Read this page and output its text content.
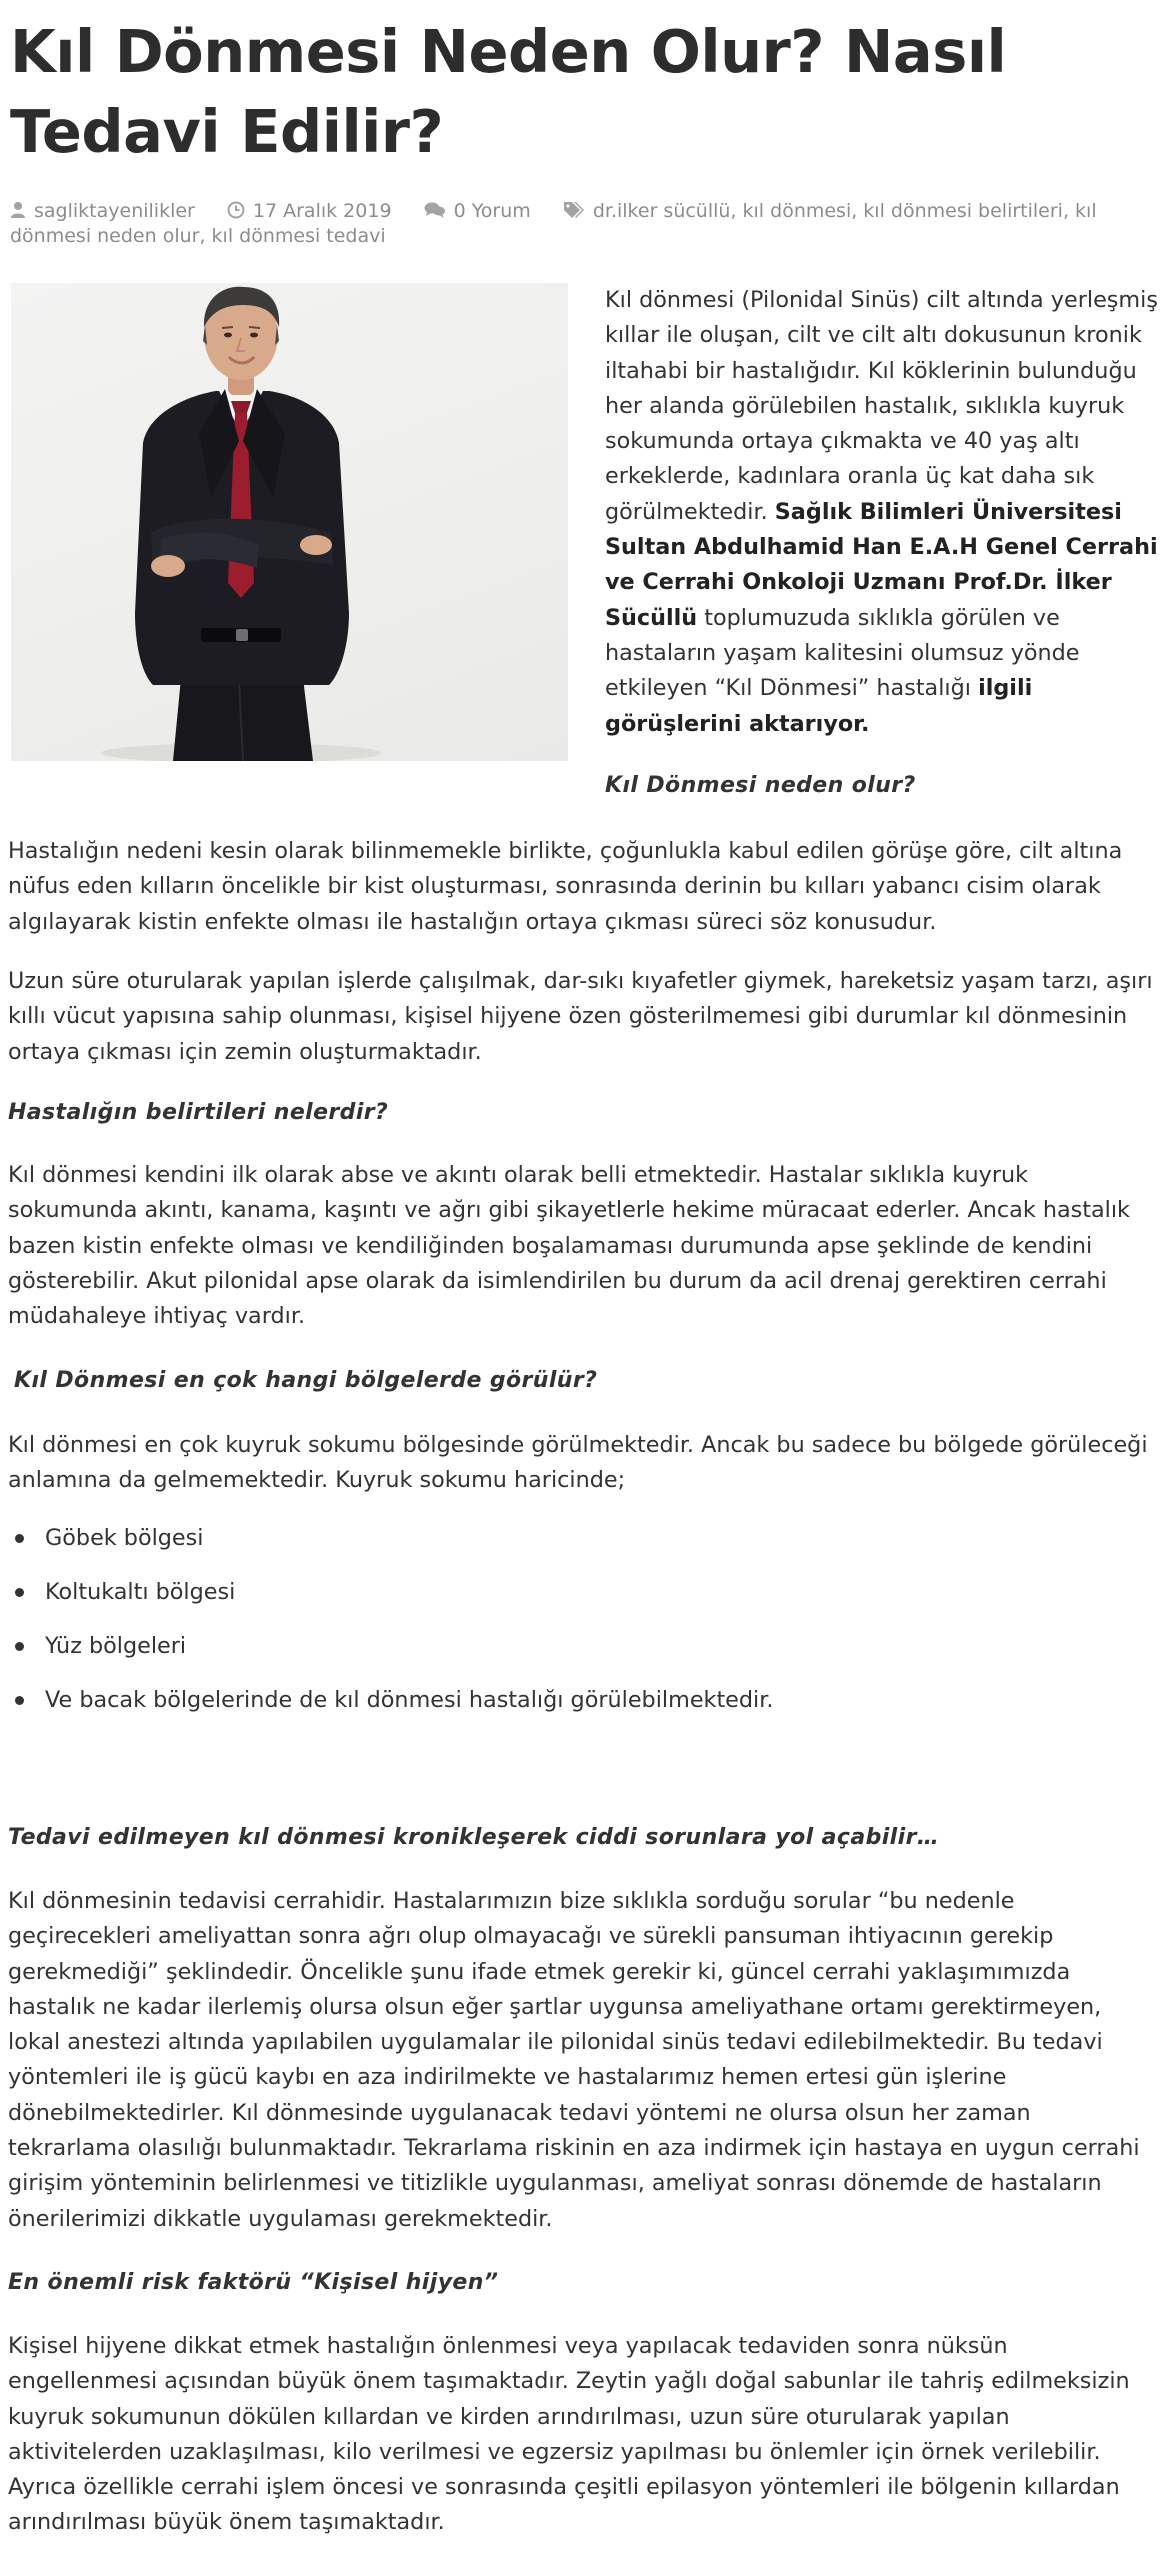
Kıl Dönmesi Neden Olur? Nasıl Tedavi Edilir?
sagliktayenilikler	17 Aralık 2019	0 Yorum	dr.ilker sücüllü, kıl dönmesi, kıl dönmesi belirtileri, kıl dönmesi neden olur, kıl dönmesi tedavi

Kıl dönmesi (Pilonidal Sinüs) cilt altında yerleşmiş kıllar ile oluşan, cilt ve cilt altı dokusunun kronik iltahabi bir hastalığıdır. Kıl köklerinin bulunduğu her alanda görülebilen hastalık, sıklıkla kuyruk sokumunda ortaya çıkmakta ve 40 yaş altı erkeklerde, kadınlara oranla üç kat daha sık görülmektedir. Sağlık Bilimleri Üniversitesi Sultan Abdulhamid Han E.A.H Genel Cerrahi ve Cerrahi Onkoloji Uzmanı Prof.Dr. İlker Sücüllü toplumuzuda sıklıkla görülen ve hastaların yaşam kalitesini olumsuz yönde etkileyen “Kıl Dönmesi” hastalığı ilgili görüşlerini aktarıyor.

Kıl Dönmesi neden olur?

Hastalığın nedeni kesin olarak bilinmemekle birlikte, çoğunlukla kabul edilen görüşe göre, cilt altına nüfus eden kılların öncelikle bir kist oluşturması, sonrasında derinin bu kılları yabancı cisim olarak algılayarak kistin enfekte olması ile hastalığın ortaya çıkması süreci söz konusudur.

Uzun süre oturularak yapılan işlerde çalışılmak, dar-sıkı kıyafetler giymek, hareketsiz yaşam tarzı, aşırı kıllı vücut yapısına sahip olunması, kişisel hijyene özen gösterilmemesi gibi durumlar kıl dönmesinin ortaya çıkması için zemin oluşturmaktadır.

Hastalığın belirtileri nelerdir?

Kıl dönmesi kendini ilk olarak abse ve akıntı olarak belli etmektedir. Hastalar sıklıkla kuyruk sokumunda akıntı, kanama, kaşıntı ve ağrı gibi şikayetlerle hekime müracaat ederler. Ancak hastalık bazen kistin enfekte olması ve kendiliğinden boşalamaması durumunda apse şeklinde de kendini gösterebilir. Akut pilonidal apse olarak da isimlendirilen bu durum da acil drenaj gerektiren cerrahi müdahaleye ihtiyaç vardır.

Kıl Dönmesi en çok hangi bölgelerde görülür?

Kıl dönmesi en çok kuyruk sokumu bölgesinde görülmektedir. Ancak bu sadece bu bölgede görüleceği anlamına da gelmemektedir. Kuyruk sokumu haricinde;

Göbek bölgesi
Koltukaltı bölgesi
Yüz bölgeleri
Ve bacak bölgelerinde de kıl dönmesi hastalığı görülebilmektedir.
Tedavi edilmeyen kıl dönmesi kronikleşerek ciddi sorunlara yol açabilir…

Kıl dönmesinin tedavisi cerrahidir. Hastalarımızın bize sıklıkla sorduğu sorular “bu nedenle geçirecekleri ameliyattan sonra ağrı olup olmayacağı ve sürekli pansuman ihtiyacının gerekip gerekmediği” şeklindedir. Öncelikle şunu ifade etmek gerekir ki, güncel cerrahi yaklaşımımızda hastalık ne kadar ilerlemiş olursa olsun eğer şartlar uygunsa ameliyathane ortamı gerektirmeyen, lokal anestezi altında yapılabilen uygulamalar ile pilonidal sinüs tedavi edilebilmektedir. Bu tedavi yöntemleri ile iş gücü kaybı en aza indirilmekte ve hastalarımız hemen ertesi gün işlerine dönebilmektedirler. Kıl dönmesinde uygulanacak tedavi yöntemi ne olursa olsun her zaman tekrarlama olasılığı bulunmaktadır. Tekrarlama riskinin en aza indirmek için hastaya en uygun cerrahi girişim yönteminin belirlenmesi ve titizlikle uygulanması, ameliyat sonrası dönemde de hastaların önerilerimizi dikkatle uygulaması gerekmektedir.

En önemli risk faktörü “Kişisel hijyen”

Kişisel hijyene dikkat etmek hastalığın önlenmesi veya yapılacak tedaviden sonra nüksün engellenmesi açısından büyük önem taşımaktadır. Zeytin yağlı doğal sabunlar ile tahriş edilmeksizin kuyruk sokumunun dökülen kıllardan ve kirden arındırılması, uzun süre oturularak yapılan aktivitelerden uzaklaşılması, kilo verilmesi ve egzersiz yapılması bu önlemler için örnek verilebilir. Ayrıca özellikle cerrahi işlem öncesi ve sonrasında çeşitli epilasyon yöntemleri ile bölgenin kıllardan arındırılması büyük önem taşımaktadır.
